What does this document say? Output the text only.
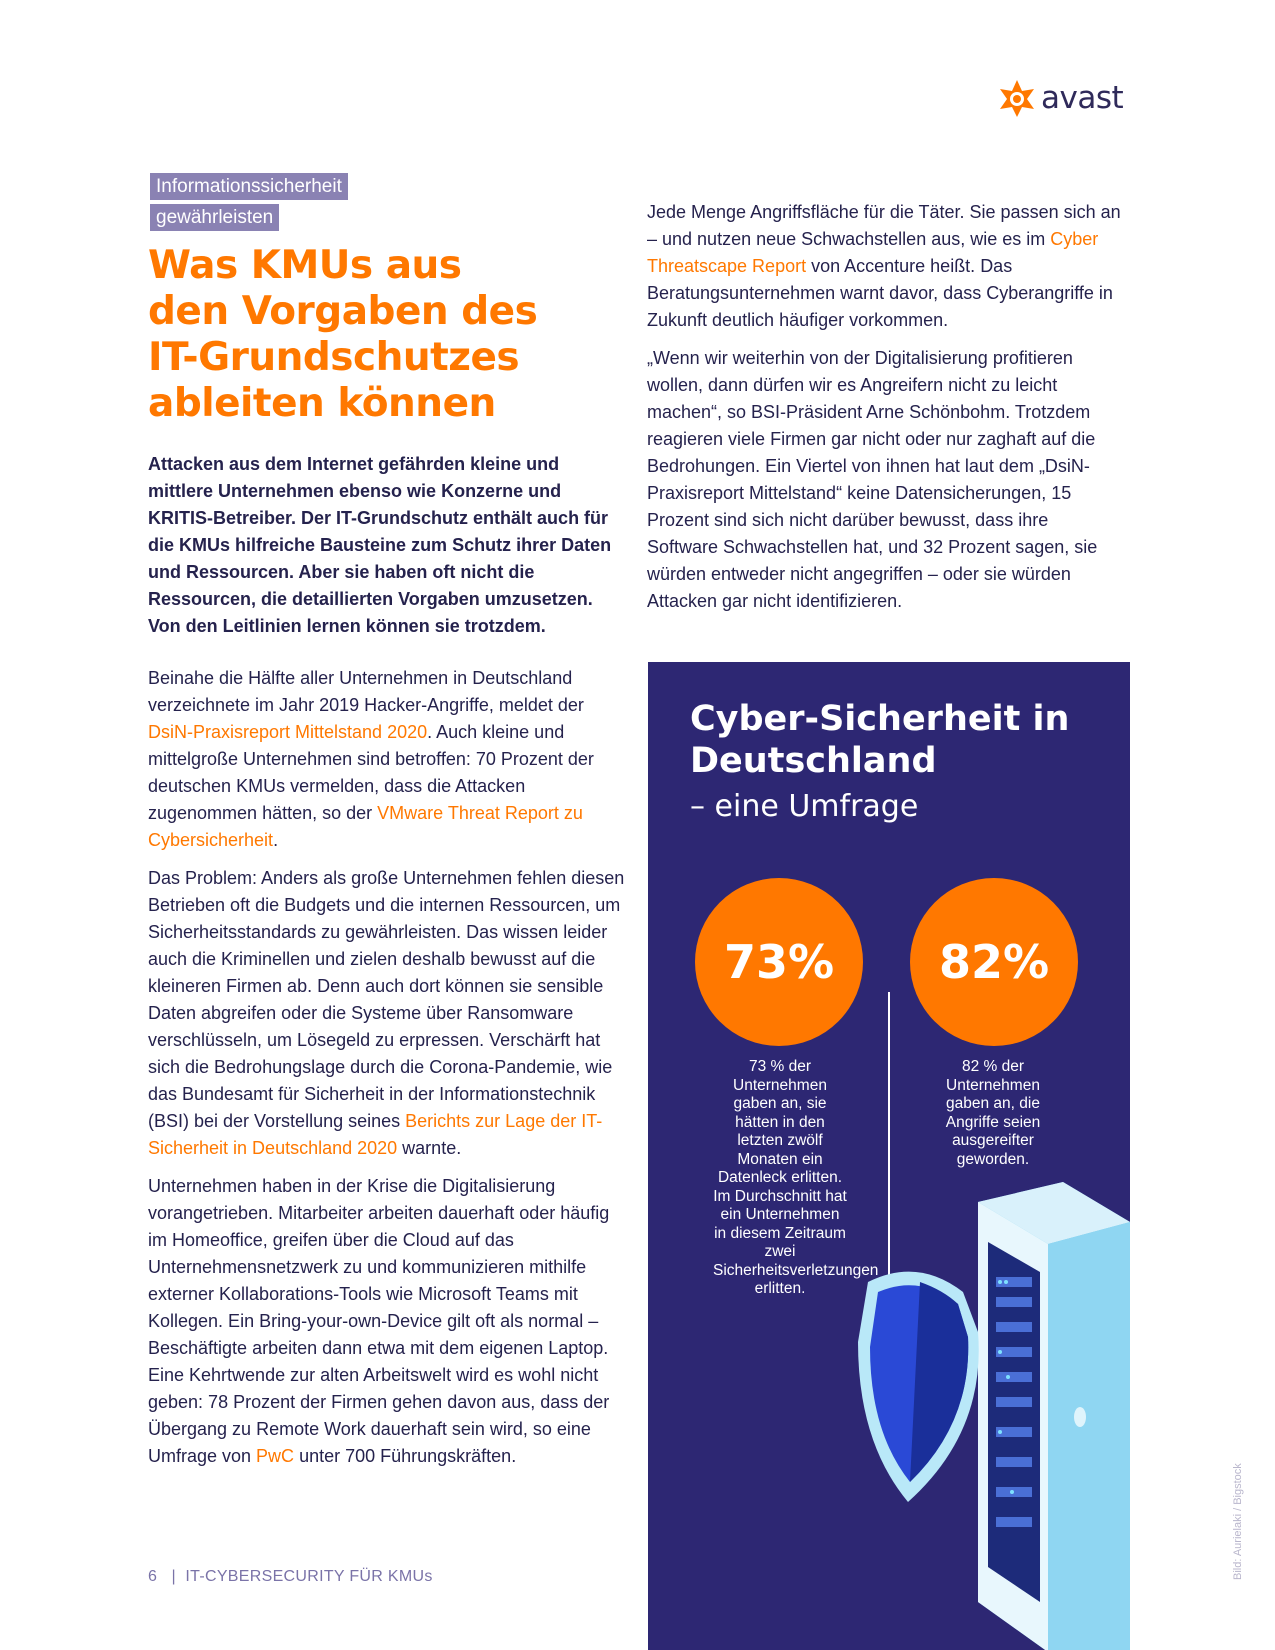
avast
Informationssicherheit
gewährleisten
Was KMUs aus
den Vorgaben des
IT-Grundschutzes
ableiten können

Attacken aus dem Internet gefährden kleine und mittlere Unternehmen ebenso wie Konzerne und KRITIS-Betreiber. Der IT-Grundschutz enthält auch für die KMUs hilfreiche Bausteine zum Schutz ihrer Daten und Ressourcen. Aber sie haben oft nicht die Ressourcen, die detaillierten Vorgaben umzusetzen. Von den Leitlinien lernen können sie trotzdem.

Beinahe die Hälfte aller Unternehmen in Deutschland verzeichnete im Jahr 2019 Hacker-Angriffe, meldet der DsiN-Praxisreport Mittelstand 2020. Auch kleine und mittelgroße Unternehmen sind betroffen: 70 Prozent der deutschen KMUs vermelden, dass die Attacken zugenommen hätten, so der VMware Threat Report zu Cybersicherheit.

Das Problem: Anders als große Unternehmen fehlen diesen Betrieben oft die Budgets und die internen Ressourcen, um Sicherheitsstandards zu gewährleisten. Das wissen leider auch die Kriminellen und zielen deshalb bewusst auf die kleineren Firmen ab. Denn auch dort können sie sensible Daten abgreifen oder die Systeme über Ransomware verschlüsseln, um Lösegeld zu erpressen. Verschärft hat sich die Bedrohungslage durch die Corona-Pandemie, wie das Bundesamt für Sicherheit in der Informationstechnik (BSI) bei der Vorstellung seines Berichts zur Lage der IT-Sicherheit in Deutschland 2020 warnte.

Unternehmen haben in der Krise die Digitalisierung vorangetrieben. Mitarbeiter arbeiten dauerhaft oder häufig im Homeoffice, greifen über die Cloud auf das Unternehmensnetzwerk zu und kommunizieren mithilfe externer Kollaborations-Tools wie Microsoft Teams mit Kollegen. Ein Bring-your-own-Device gilt oft als normal – Beschäftigte arbeiten dann etwa mit dem eigenen Laptop. Eine Kehrtwende zur alten Arbeitswelt wird es wohl nicht geben: 78 Prozent der Firmen gehen davon aus, dass der Übergang zu Remote Work dauerhaft sein wird, so eine Umfrage von PwC unter 700 Führungskräften.

Jede Menge Angriffsfläche für die Täter. Sie passen sich an – und nutzen neue Schwachstellen aus, wie es im Cyber Threatscape Report von Accenture heißt. Das Beratungsunternehmen warnt davor, dass Cyberangriffe in Zukunft deutlich häufiger vorkommen.

„Wenn wir weiterhin von der Digitalisierung profitieren wollen, dann dürfen wir es Angreifern nicht zu leicht machen“, so BSI-Präsident Arne Schönbohm. Trotzdem reagieren viele Firmen gar nicht oder nur zaghaft auf die Bedrohungen. Ein Viertel von ihnen hat laut dem „DsiN-Praxisreport Mittelstand“ keine Datensicherungen, 15 Prozent sind sich nicht darüber bewusst, dass ihre Software Schwachstellen hat, und 32 Prozent sagen, sie würden entweder nicht angegriffen – oder sie würden Attacken gar nicht identifizieren.

Cyber-Sicherheit in Deutschland
– eine Umfrage
73%	82%
73 % der Unternehmen gaben an, sie hätten in den letzten zwölf Monaten ein Datenleck erlitten. Im Durchschnitt hat ein Unternehmen in diesem Zeitraum zwei Sicherheitsverletzungen erlitten.
82 % der Unternehmen gaben an, die Angriffe seien ausgereifter geworden.
6   |  IT-CYBERSECURITY FÜR KMUs	Bild: Aurielaki / Bigstock
